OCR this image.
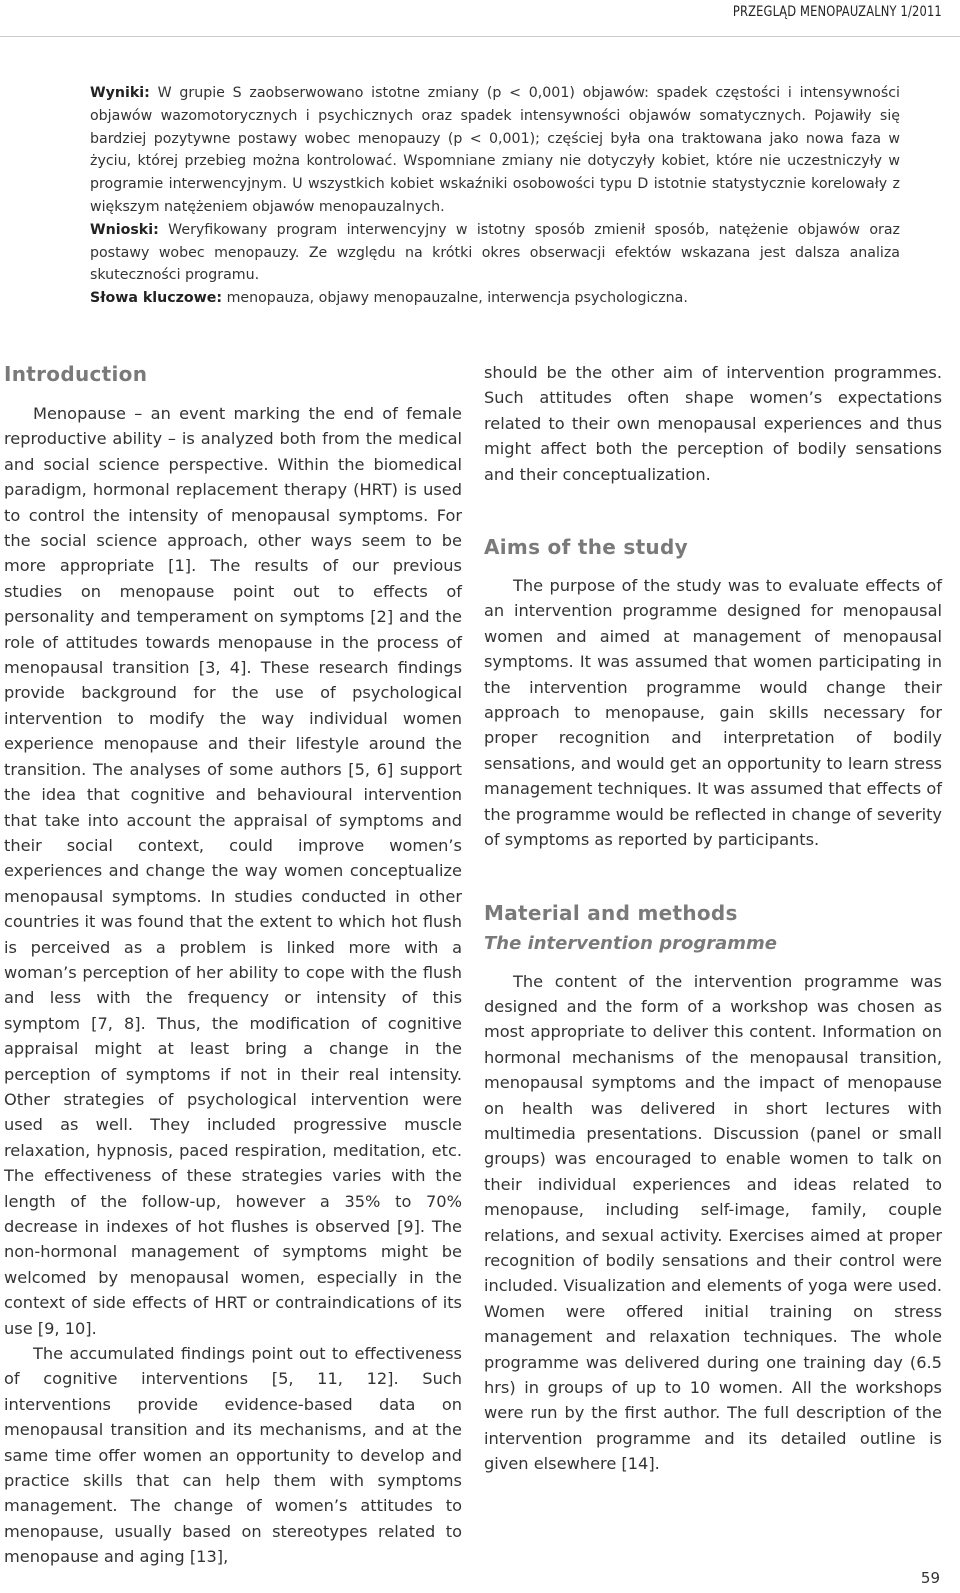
PRZEGLĄD MENOPAUZALNY 1/2011

Wyniki: W grupie S zaobserwowano istotne zmiany (p < 0,001) objawów: spadek częstości i intensywności objawów wazomotorycznych i psychicznych oraz spadek intensywności objawów somatycznych. Pojawiły się bardziej pozytywne postawy wobec menopauzy (p < 0,001); częściej była ona traktowana jako nowa faza w życiu, której przebieg można kontrolować. Wspomniane zmiany nie dotyczyły kobiet, które nie uczestniczyły w programie interwencyjnym. U wszystkich kobiet wskaźniki osobowości typu D istotnie statystycznie korelowały z większym natężeniem objawów menopauzalnych.

Wnioski: Weryfikowany program interwencyjny w istotny sposób zmienił sposób, natężenie objawów oraz postawy wobec menopauzy. Ze względu na krótki okres obserwacji efektów wskazana jest dalsza analiza skuteczności programu.

Słowa kluczowe: menopauza, objawy menopauzalne, interwencja psychologiczna.

Introduction

Menopause – an event marking the end of female reproductive ability – is analyzed both from the medical and social science perspective. Within the biomedical paradigm, hormonal replacement therapy (HRT) is used to control the intensity of menopausal symptoms. For the social science approach, other ways seem to be more appropriate [1]. The results of our previous studies on menopause point out to effects of personality and temperament on symptoms [2] and the role of attitudes towards menopause in the process of menopausal transition [3, 4]. These research findings provide background for the use of psychological intervention to modify the way individual women experience menopause and their lifestyle around the transition. The analyses of some authors [5, 6] support the idea that cognitive and behavioural intervention that take into account the appraisal of symptoms and their social context, could improve women’s experiences and change the way women conceptualize menopausal symptoms. In studies conducted in other countries it was found that the extent to which hot flush is perceived as a problem is linked more with a woman’s perception of her ability to cope with the flush and less with the frequency or intensity of this symptom [7, 8]. Thus, the modification of cognitive appraisal might at least bring a change in the perception of symptoms if not in their real intensity. Other strategies of psychological intervention were used as well. They included progressive muscle relaxation, hypnosis, paced respiration, meditation, etc. The effectiveness of these strategies varies with the length of the follow-up, however a 35% to 70% decrease in indexes of hot flushes is observed [9]. The non-hormonal management of symptoms might be welcomed by menopausal women, especially in the context of side effects of HRT or contraindications of its use [9, 10].

The accumulated findings point out to effectiveness of cognitive interventions [5, 11, 12]. Such interventions provide evidence-based data on menopausal transition and its mechanisms, and at the same time offer women an opportunity to develop and practice skills that can help them with symptoms management. The change of women’s attitudes to menopause, usually based on stereotypes related to menopause and aging [13],

should be the other aim of intervention programmes. Such attitudes often shape women’s expectations related to their own menopausal experiences and thus might affect both the perception of bodily sensations and their conceptualization.

Aims of the study

The purpose of the study was to evaluate effects of an intervention programme designed for menopausal women and aimed at management of menopausal symptoms. It was assumed that women participating in the intervention programme would change their approach to menopause, gain skills necessary for proper recognition and interpretation of bodily sensations, and would get an opportunity to learn stress management techniques. It was assumed that effects of the programme would be reflected in change of severity of symptoms as reported by participants.

Material and methods
The intervention programme

The content of the intervention programme was designed and the form of a workshop was chosen as most appropriate to deliver this content. Information on hormonal mechanisms of the menopausal transition, menopausal symptoms and the impact of menopause on health was delivered in short lectures with multimedia presentations. Discussion (panel or small groups) was encouraged to enable women to talk on their individual experiences and ideas related to menopause, including self-image, family, couple relations, and sexual activity. Exercises aimed at proper recognition of bodily sensations and their control were included. Visualization and elements of yoga were used. Women were offered initial training on stress management and relaxation techniques. The whole programme was delivered during one training day (6.5 hrs) in groups of up to 10 women. All the workshops were run by the first author. The full description of the intervention programme and its detailed outline is given elsewhere [14].

59
